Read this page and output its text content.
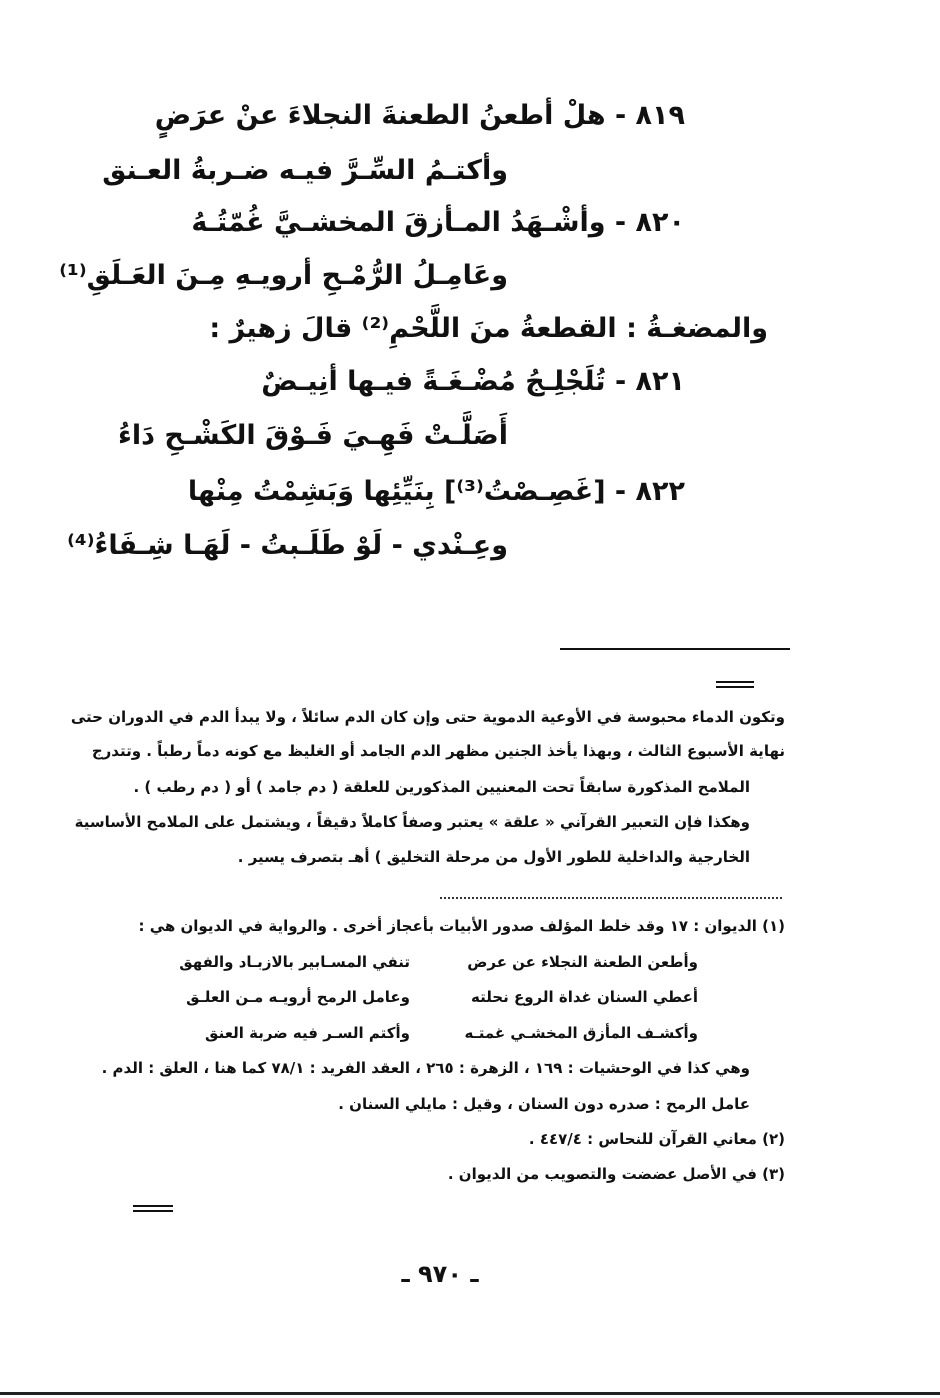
٨١٩ - هلْ أطعنُ الطعنةَ النجلاءَ عنْ عرَضٍ
وأكتـمُ السِّـرَّ فيـه ضـربةُ العـنق
٨٢٠ - وأشْـهَدُ المـأزقَ المخشـيَّ غُمّتُـهُ
وعَامِـلُ الرُّمْـحِ أرويـهِ مِـنَ العَـلَقِ⁽¹⁾
والمضغـةُ : القطعةُ منَ اللَّحْمِ⁽²⁾ قالَ زهيرٌ :
٨٢١ - تُلَجْلِـجُ مُضْـغَـةً فيـها أنِيـضٌ
أَصَلَّـتْ فَهِـيَ فَـوْقَ الكَشْـحِ دَاءُ
٨٢٢ - [غَصِـصْتُ⁽³⁾] بِنَيِّئِها وَبَشِمْتُ مِنْها
وعِـنْدي - لَوْ طَلَـبتُ - لَهَـا شِـفَاءُ⁽⁴⁾
وتكون الدماء محبوسة في الأوعية الدموية حتى وإن كان الدم سائلاً ، ولا يبدأ الدم في الدوران حتى
نهاية الأسبوع الثالث ، وبهذا يأخذ الجنين مظهر الدم الجامد أو الغليظ مع كونه دماً رطباً . وتتدرج
الملامح المذكورة سابقاً تحت المعنيين المذكورين للعلقة ( دم جامد ) أو ( دم رطب ) .
وهكذا فإن التعبير القرآني « علقة » يعتبر وصفاً كاملاً دقيقاً ، ويشتمل على الملامح الأساسية
الخارجية والداخلية للطور الأول من مرحلة التخليق ) أهـ بتصرف يسير .
(١) الديوان : ١٧ وقد خلط المؤلف صدور الأبيات بأعجاز أخرى . والرواية في الديوان هي :
وأطعن الطعنة النجلاء عن عرض
تنفي المسـابير بالازبـاد والفهق
أعطي السنان غداة الروع نحلته
وعامل الرمح أرويـه مـن العلـق
وأكشـف المأزق المخشـي غمتـه
وأكتم السـر فيه ضربة العنق
وهي كذا في الوحشيات : ١٦٩ ، الزهرة : ٢٦٥ ، العقد الفريد : ٧٨/١ كما هنا ، العلق : الدم .
عامل الرمح : صدره دون السنان ، وقيل : مايلي السنان .
(٢) معاني القرآن للنحاس : ٤٤٧/٤ .
(٣) في الأصل عضضت والتصويب من الديوان .
ـ ٩٧٠ ـ
